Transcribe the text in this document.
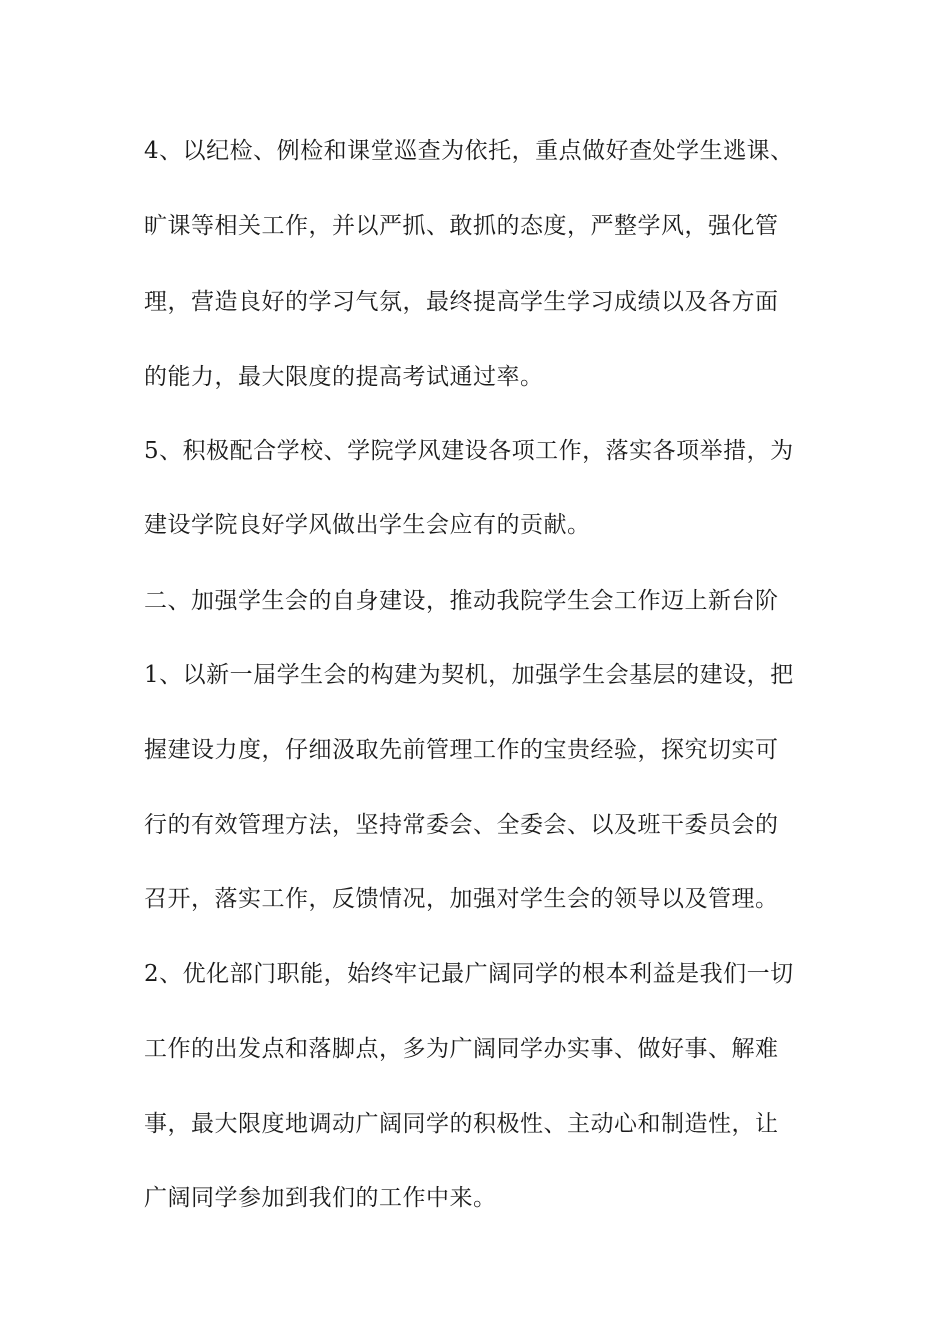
4、以纪检、例检和课堂巡查为依托，重点做好查处学生逃课、
旷课等相关工作，并以严抓、敢抓的态度，严整学风，强化管
理，营造良好的学习气氛，最终提高学生学习成绩以及各方面
的能力，最大限度的提高考试通过率。
5、积极配合学校、学院学风建设各项工作，落实各项举措，为
建设学院良好学风做出学生会应有的贡献。
二、加强学生会的自身建设，推动我院学生会工作迈上新台阶
1、以新一届学生会的构建为契机，加强学生会基层的建设，把
握建设力度，仔细汲取先前管理工作的宝贵经验，探究切实可
行的有效管理方法，坚持常委会、全委会、以及班干委员会的
召开，落实工作，反馈情况，加强对学生会的领导以及管理。
2、优化部门职能，始终牢记最广阔同学的根本利益是我们一切
工作的出发点和落脚点，多为广阔同学办实事、做好事、解难
事，最大限度地调动广阔同学的积极性、主动心和制造性，让
广阔同学参加到我们的工作中来。
